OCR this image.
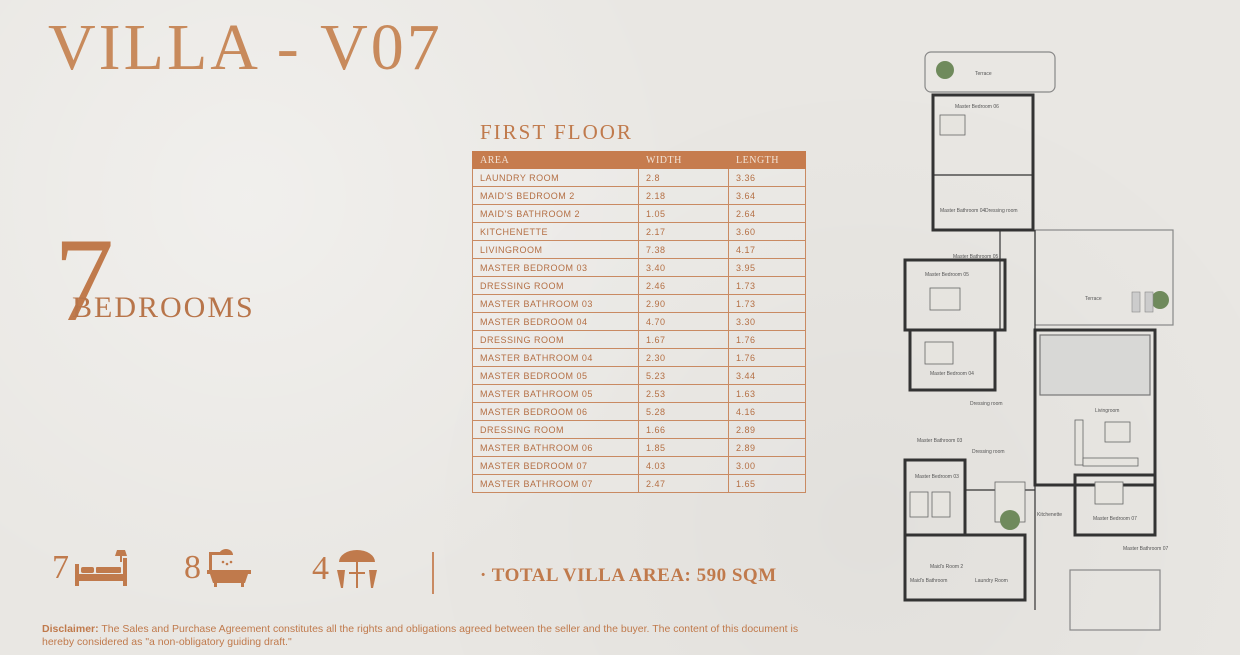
VILLA - V07
7
BEDROOMS
FIRST FLOOR
AREA	WIDTH	LENGTH
LAUNDRY ROOM	2.8	3.36
MAID'S BEDROOM 2	2.18	3.64
MAID'S BATHROOM 2	1.05	2.64
KITCHENETTE	2.17	3.60
LIVINGROOM	7.38	4.17
MASTER BEDROOM 03	3.40	3.95
DRESSING ROOM	2.46	1.73
MASTER BATHROOM 03	2.90	1.73
MASTER BEDROOM 04	4.70	3.30
DRESSING ROOM	1.67	1.76
MASTER BATHROOM 04	2.30	1.76
MASTER BEDROOM 05	5.23	3.44
MASTER BATHROOM 05	2.53	1.63
MASTER BEDROOM 06	5.28	4.16
DRESSING ROOM	1.66	2.89
MASTER BATHROOM 06	1.85	2.89
MASTER BEDROOM 07	4.03	3.00
MASTER BATHROOM 07	2.47	1.65
7	8	4	· TOTAL VILLA AREA: 590 SQM
Disclaimer: The Sales and Purchase Agreement constitutes all the rights and obligations agreed between the seller and the buyer. The content of this document is hereby considered as "a non-obligatory guiding draft."
Terrace
Master Bedroom 06
Dressing room
Master Bathroom 04
Master Bathroom 05
Master Bedroom 05
Terrace
Master Bedroom 04
Dressing room
Livingroom
Master Bathroom 03
Dressing room
Master Bedroom 03
Kitchenette
Master Bedroom 07
Master Bathroom 07
Maid's Room 2
Maid's Bathroom	Laundry Room
